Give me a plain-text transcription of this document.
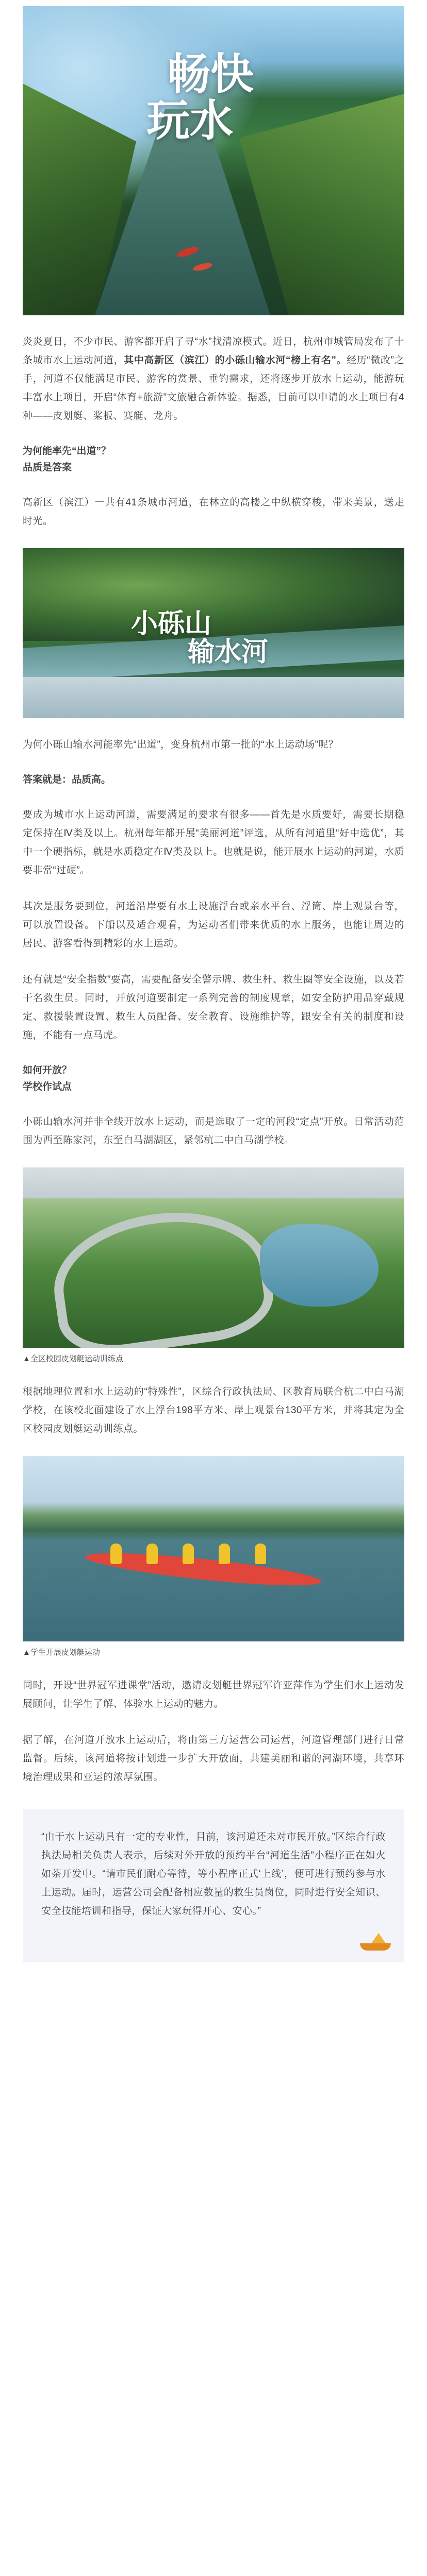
畅快
玩水

炎炎夏日，不少市民、游客都开启了寻“水”找清凉模式。近日，杭州市城管局发布了十条城市水上运动河道，其中高新区（滨江）的小砾山输水河“榜上有名”。经历“微改”之手，河道不仅能满足市民、游客的赏景、垂钓需求，还将逐步开放水上运动，能游玩丰富水上项目，开启“体育+旅游”文旅融合新体验。据悉，目前可以申请的水上项目有4种——皮划艇、桨板、赛艇、龙舟。

为何能率先“出道”？
品质是答案

高新区（滨江）一共有41条城市河道，在林立的高楼之中纵横穿梭，带来美景，送走时光。

小砾山
输水河

为何小砾山输水河能率先“出道”，变身杭州市第一批的“水上运动场”呢？

答案就是：品质高。

要成为城市水上运动河道，需要满足的要求有很多——首先是水质要好，需要长期稳定保持在Ⅳ类及以上。杭州每年都开展“美丽河道”评选，从所有河道里“好中选优”，其中一个硬指标，就是水质稳定在Ⅳ类及以上。也就是说，能开展水上运动的河道，水质要非常“过硬”。

其次是服务要到位，河道沿岸要有水上设施浮台或亲水平台、浮筒、岸上观景台等，可以放置设备。下船以及适合观看，为运动者们带来优质的水上服务，也能让周边的居民、游客看得到精彩的水上运动。

还有就是“安全指数”要高，需要配备安全警示牌、救生杆、救生圈等安全设施，以及若干名救生员。同时，开放河道要制定一系列完善的制度规章，如安全防护用品穿戴规定、救援装置设置、救生人员配备、安全教育、设施维护等，跟安全有关的制度和设施，不能有一点马虎。

如何开放？
学校作试点

小砾山输水河并非全线开放水上运动，而是选取了一定的河段“定点”开放。日常活动范围为西至陈家河，东至白马湖湖区，紧邻杭二中白马湖学校。

▲全区校园皮划艇运动训练点

根据地理位置和水上运动的“特殊性”，区综合行政执法局、区教育局联合杭二中白马湖学校，在该校北面建设了水上浮台198平方米、岸上观景台130平方米，并将其定为全区校园皮划艇运动训练点。

▲学生开展皮划艇运动

同时，开设“世界冠军进课堂”活动，邀请皮划艇世界冠军许亚萍作为学生们水上运动发展顾问，让学生了解、体验水上运动的魅力。

据了解，在河道开放水上运动后，将由第三方运营公司运营，河道管理部门进行日常监督。后续，该河道将按计划进一步扩大开放面，共建美丽和谐的河湖环境，共享环境治理成果和亚运的浓厚氛围。

“由于水上运动具有一定的专业性，目前，该河道还未对市民开放。”区综合行政执法局相关负责人表示，后续对外开放的预约平台“河道生活”小程序正在如火如荼开发中。“请市民们耐心等待，等小程序正式‘上线’，便可进行预约参与水上运动。届时，运营公司会配备相应数量的救生员岗位，同时进行安全知识、安全技能培训和指导，保证大家玩得开心、安心。”
